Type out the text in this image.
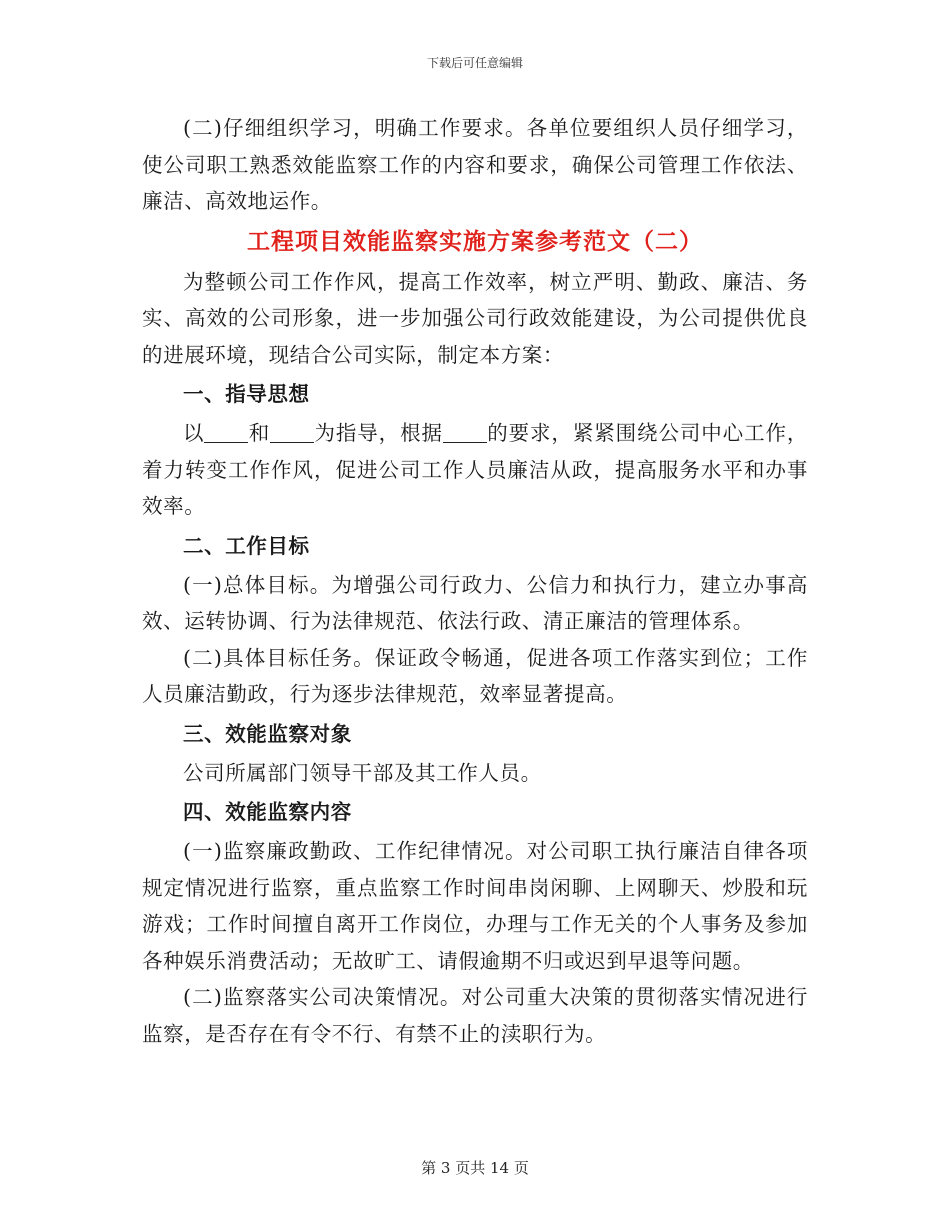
下载后可任意编辑

(二)仔细组织学习，明确工作要求。各单位要组织人员仔细学习，使公司职工熟悉效能监察工作的内容和要求，确保公司管理工作依法、廉洁、高效地运作。

工程项目效能监察实施方案参考范文（二）

为整顿公司工作作风，提高工作效率，树立严明、勤政、廉洁、务实、高效的公司形象，进一步加强公司行政效能建设，为公司提供优良的进展环境，现结合公司实际，制定本方案：

一、指导思想

以 和 为指导，根据 的要求，紧紧围绕公司中心工作，着力转变工作作风，促进公司工作人员廉洁从政，提高服务水平和办事效率。

二、工作目标

(一)总体目标。为增强公司行政力、公信力和执行力，建立办事高效、运转协调、行为法律规范、依法行政、清正廉洁的管理体系。

(二)具体目标任务。保证政令畅通，促进各项工作落实到位；工作人员廉洁勤政，行为逐步法律规范，效率显著提高。

三、效能监察对象

公司所属部门领导干部及其工作人员。

四、效能监察内容

(一)监察廉政勤政、工作纪律情况。对公司职工执行廉洁自律各项规定情况进行监察，重点监察工作时间串岗闲聊、上网聊天、炒股和玩游戏；工作时间擅自离开工作岗位，办理与工作无关的个人事务及参加各种娱乐消费活动；无故旷工、请假逾期不归或迟到早退等问题。

(二)监察落实公司决策情况。对公司重大决策的贯彻落实情况进行监察，是否存在有令不行、有禁不止的渎职行为。

第 3 页共 14 页
